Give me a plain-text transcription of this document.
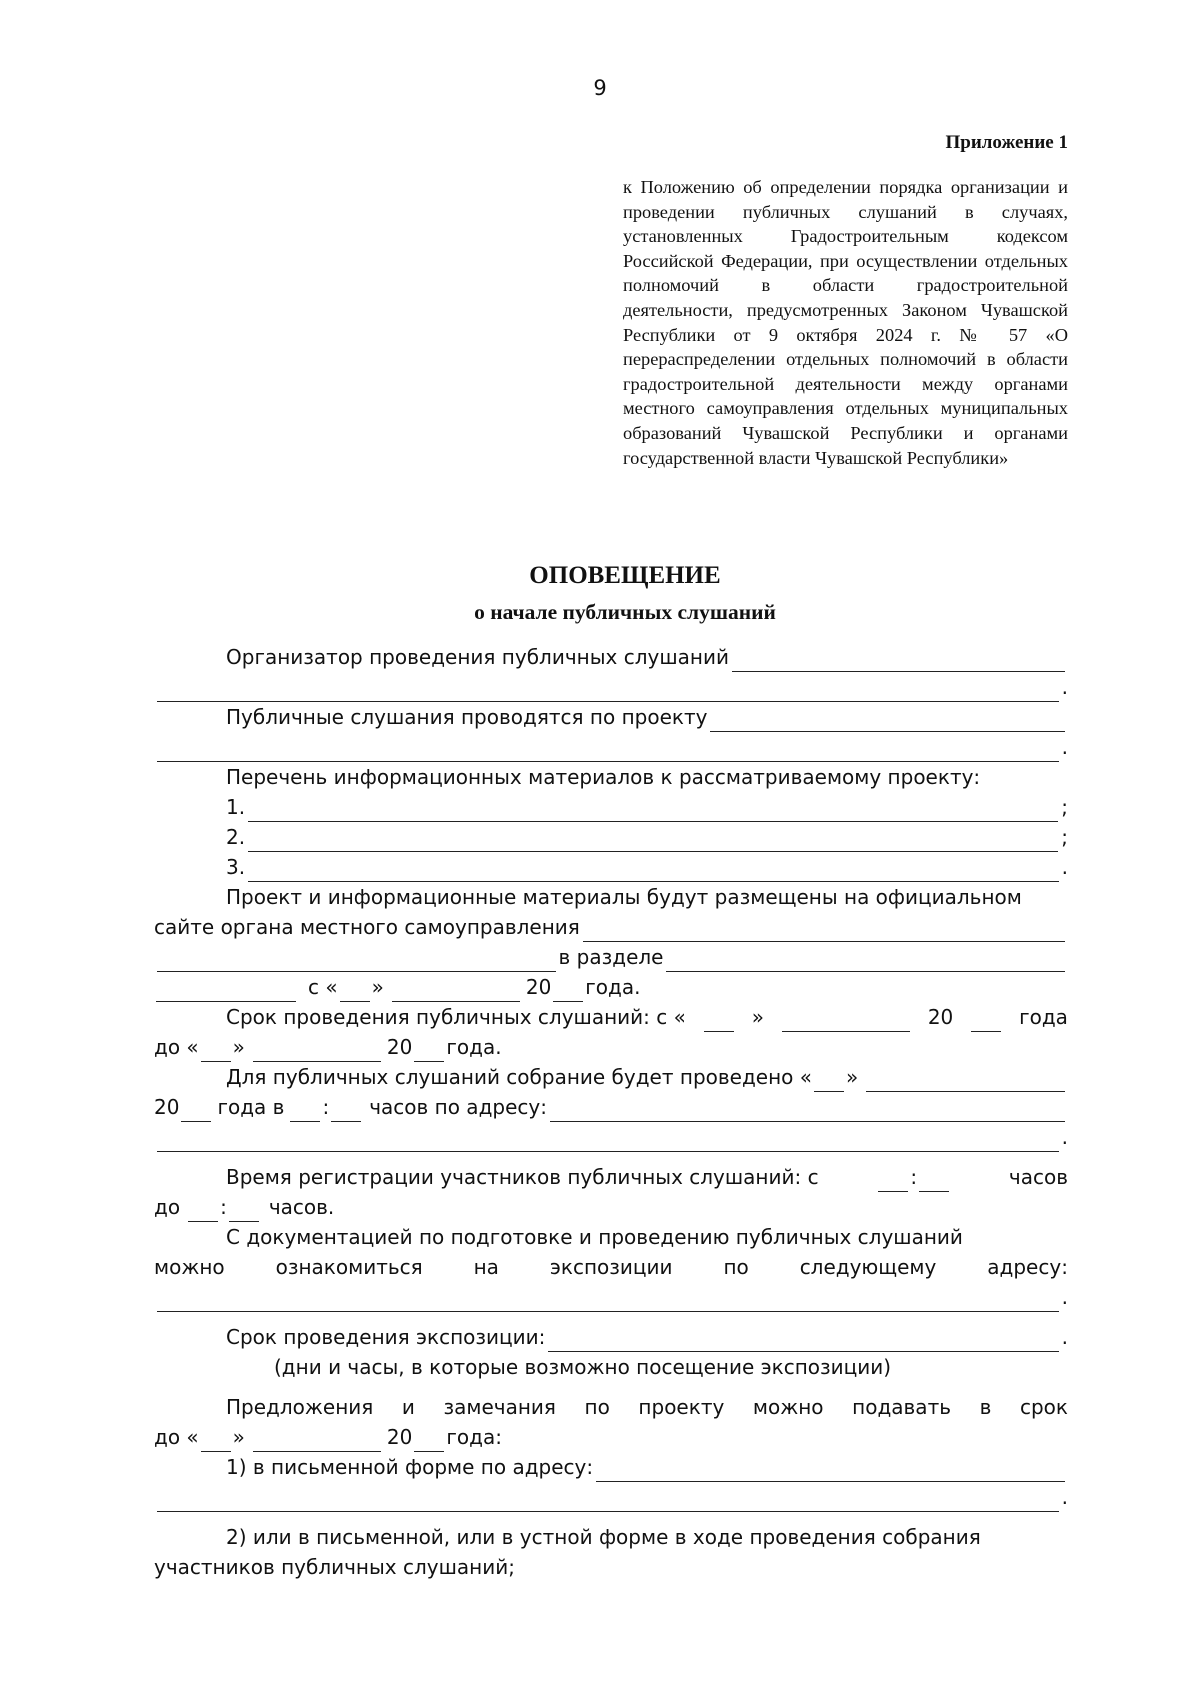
9
Приложение 1
к Положению об определении порядка организации и проведении публичных слушаний в случаях, установленных Градостроительным кодексом Российской Федерации, при осуществлении отдельных полномочий в области градостроительной деятельности, предусмотренных Законом Чувашской Республики от 9 октября 2024 г. № 57 «О перераспределении отдельных полномочий в области градостроительной деятельности между органами местного самоуправления отдельных муниципальных образований Чувашской Республики и органами государственной власти Чувашской Республики»
ОПОВЕЩЕНИЕ
о начале публичных слушаний
Организатор проведения публичных слушаний
.
Публичные слушания проводятся по проекту
.
Перечень информационных материалов к рассматриваемому проекту:
1.	;
2.	;
3.	.
Проект и информационные материалы будут размещены на официальном
сайте органа местного самоуправления
в разделе
с « »	20 года.
Срок проведения публичных слушаний: с «	»	20	года
до « »	20 года.
Для публичных слушаний собрание будет проведено « »
20 года в : часов по адресу:
.
Время регистрации участников публичных слушаний: с	:	часов
до : часов.
С документацией по подготовке и проведению публичных слушаний
можно	ознакомиться	на	экспозиции	по	следующему	адресу:
.
Срок проведения экспозиции:	.
(дни и часы, в которые возможно посещение экспозиции)
Предложения и замечания по проекту можно подавать в срок
до « »	20 года:
1) в письменной форме по адресу:
.
2) или в письменной, или в устной форме в ходе проведения собрания
участников публичных слушаний;
